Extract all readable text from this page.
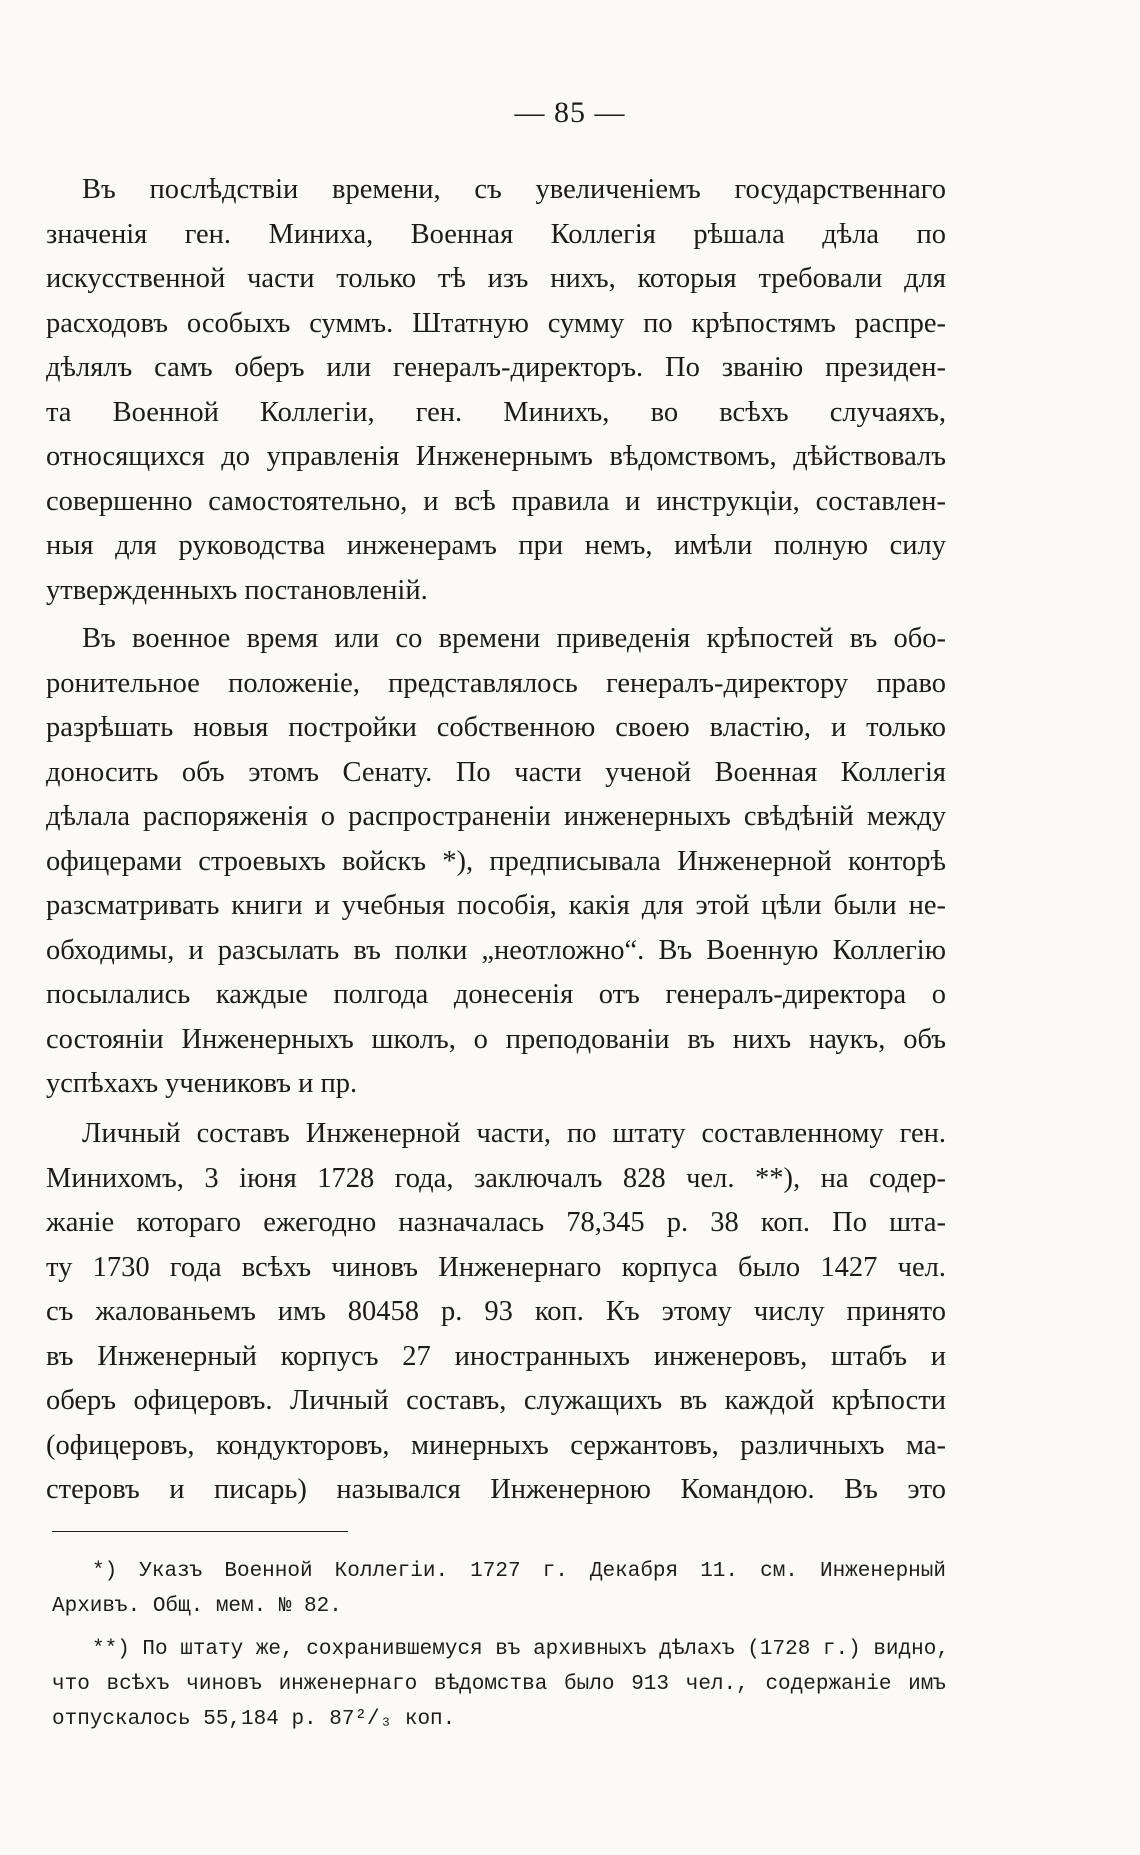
— 85 —
Въ послѣдствіи времени, съ увеличеніемъ государственнаго
значенія ген. Миниха, Военная Коллегія рѣшала дѣла по
искусственной части только тѣ изъ нихъ, которыя требовали для
расходовъ особыхъ суммъ. Штатную сумму по крѣпостямъ распре-
дѣлялъ самъ оберъ или генералъ-директоръ. По званію президен-
та Военной Коллегіи, ген. Минихъ, во всѣхъ случаяхъ,
относящихся до управленія Инженернымъ вѣдомствомъ, дѣйствовалъ
совершенно самостоятельно, и всѣ правила и инструкціи, составлен-
ныя для руководства инженерамъ при немъ, имѣли полную силу
утвержденныхъ постановленій.
Въ военное время или со времени приведенія крѣпостей въ обо-
ронительное положеніе, представлялось генералъ-директору право
разрѣшать новыя постройки собственною своею властію, и только
доносить объ этомъ Сенату. По части ученой Военная Коллегія
дѣлала распоряженія о распространеніи инженерныхъ свѣдѣній между
офицерами строевыхъ войскъ *), предписывала Инженерной конторѣ
разсматривать книги и учебныя пособія, какія для этой цѣли были не-
обходимы, и разсылать въ полки „неотложно“. Въ Военную Коллегію
посылались каждые полгода донесенія отъ генералъ-директора о
состояніи Инженерныхъ школъ, о преподованіи въ нихъ наукъ, объ
успѣхахъ учениковъ и пр.
Личный составъ Инженерной части, по штату составленному ген.
Минихомъ, 3 іюня 1728 года, заключалъ 828 чел. **), на содер-
жаніе котораго ежегодно назначалась 78,345 р. 38 коп. По шта-
ту 1730 года всѣхъ чиновъ Инженернаго корпуса было 1427 чел.
съ жалованьемъ имъ 80458 р. 93 коп. Къ этому числу принято
въ Инженерный корпусъ 27 иностранныхъ инженеровъ, штабъ и
оберъ офицеровъ. Личный составъ, служащихъ въ каждой крѣпости
(офицеровъ, кондукторовъ, минерныхъ сержантовъ, различныхъ ма-
стеровъ и писарь) назывался Инженерною Командою. Въ это
*) Указъ Военной Коллегіи. 1727 г. Декабря 11. см. Инженерный
Архивъ. Общ. мем. № 82.
**) По штату же, сохранившемуся въ архивныхъ дѣлахъ (1728 г.) видно,
что всѣхъ чиновъ инженернаго вѣдомства было 913 чел., содержаніе имъ
отпускалось 55,184 р. 87²/₃ коп.
